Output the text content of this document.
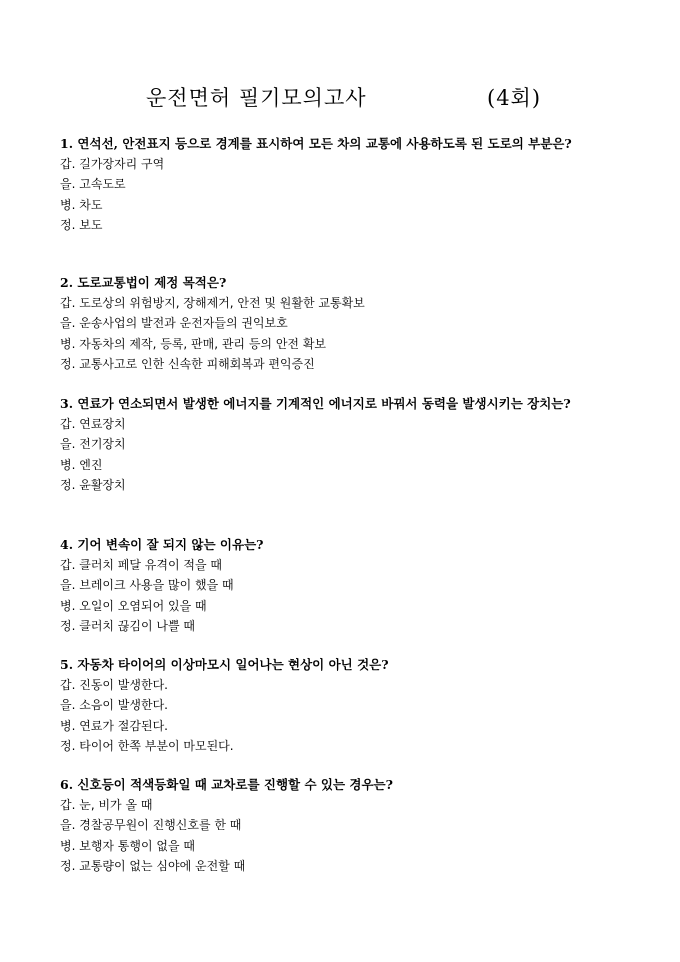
운전면허 필기모의고사	(4회)
1. 연석선, 안전표지 등으로 경계를 표시하여 모든 차의 교통에 사용하도록 된 도로의 부분은?
갑. 길가장자리 구역
을. 고속도로
병. 차도
정. 보도
2. 도로교통법이 제정 목적은?
갑. 도로상의 위험방지, 장해제거, 안전 및 원활한 교통확보
을. 운송사업의 발전과 운전자들의 권익보호
병. 자동차의 제작, 등록, 판매, 관리 등의 안전 확보
정. 교통사고로 인한 신속한 피해회복과 편익증진
3. 연료가 연소되면서 발생한 에너지를 기계적인 에너지로 바꿔서 동력을 발생시키는 장치는?
갑. 연료장치
을. 전기장치
병. 엔진
정. 윤활장치
4. 기어 변속이 잘 되지 않는 이유는?
갑. 클러치 페달 유격이 적을 때
을. 브레이크 사용을 많이 했을 때
병. 오일이 오염되어 있을 때
정. 클러치 끊김이 나쁠 때
5. 자동차 타이어의 이상마모시 일어나는 현상이 아닌 것은?
갑. 진동이 발생한다.
을. 소음이 발생한다.
병. 연료가 절감된다.
정. 타이어 한쪽 부분이 마모된다.
6. 신호등이 적색등화일 때 교차로를 진행할 수 있는 경우는?
갑. 눈, 비가 올 때
을. 경찰공무원이 진행신호를 한 때
병. 보행자 통행이 없을 때
정. 교통량이 없는 심야에 운전할 때
